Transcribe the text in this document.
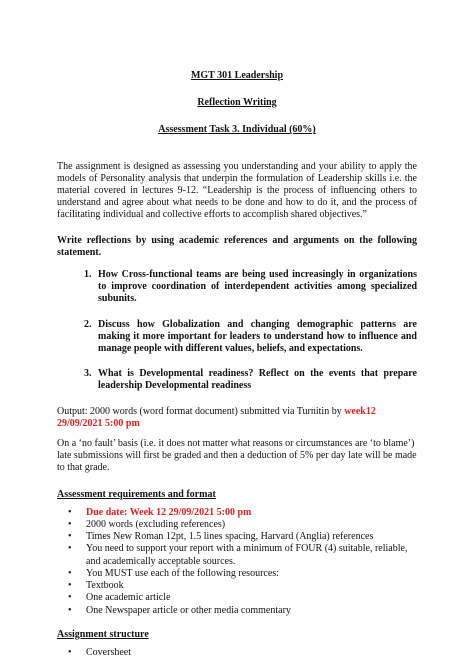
MGT 301 Leadership

Reflection Writing

Assessment Task 3. Individual (60%)

The assignment is designed as assessing you understanding and your ability to apply the models of Personality analysis that underpin the formulation of Leadership skills i.e. the material covered in lectures 9-12. “Leadership is the process of influencing others to understand and agree about what needs to be done and how to do it, and the process of facilitating individual and collective efforts to accomplish shared objectives.”

Write reflections by using academic references and arguments on the following statement.

1. How Cross-functional teams are being used increasingly in organizations to improve coordination of interdependent activities among specialized subunits.
2. Discuss how Globalization and changing demographic patterns are making it more important for leaders to understand how to influence and manage people with different values, beliefs, and expectations.
3. What is Developmental readiness? Reflect on the events that prepare leadership Developmental readiness

Output: 2000 words (word format document) submitted via Turnitin by week12 29/09/2021 5:00 pm

On a ‘no fault’ basis (i.e. it does not matter what reasons or circumstances are ‘to blame’) late submissions will first be graded and then a deduction of 5% per day late will be made to that grade.

Assessment requirements and format
• Due date: Week 12 29/09/2021 5:00 pm
• 2000 words (excluding references)
• Times New Roman 12pt, 1.5 lines spacing, Harvard (Anglia) references
• You need to support your report with a minimum of FOUR (4) suitable, reliable, and academically acceptable sources.
• You MUST use each of the following resources:
• Textbook
• One academic article
• One Newspaper article or other media commentary
Assignment structure
• Coversheet
